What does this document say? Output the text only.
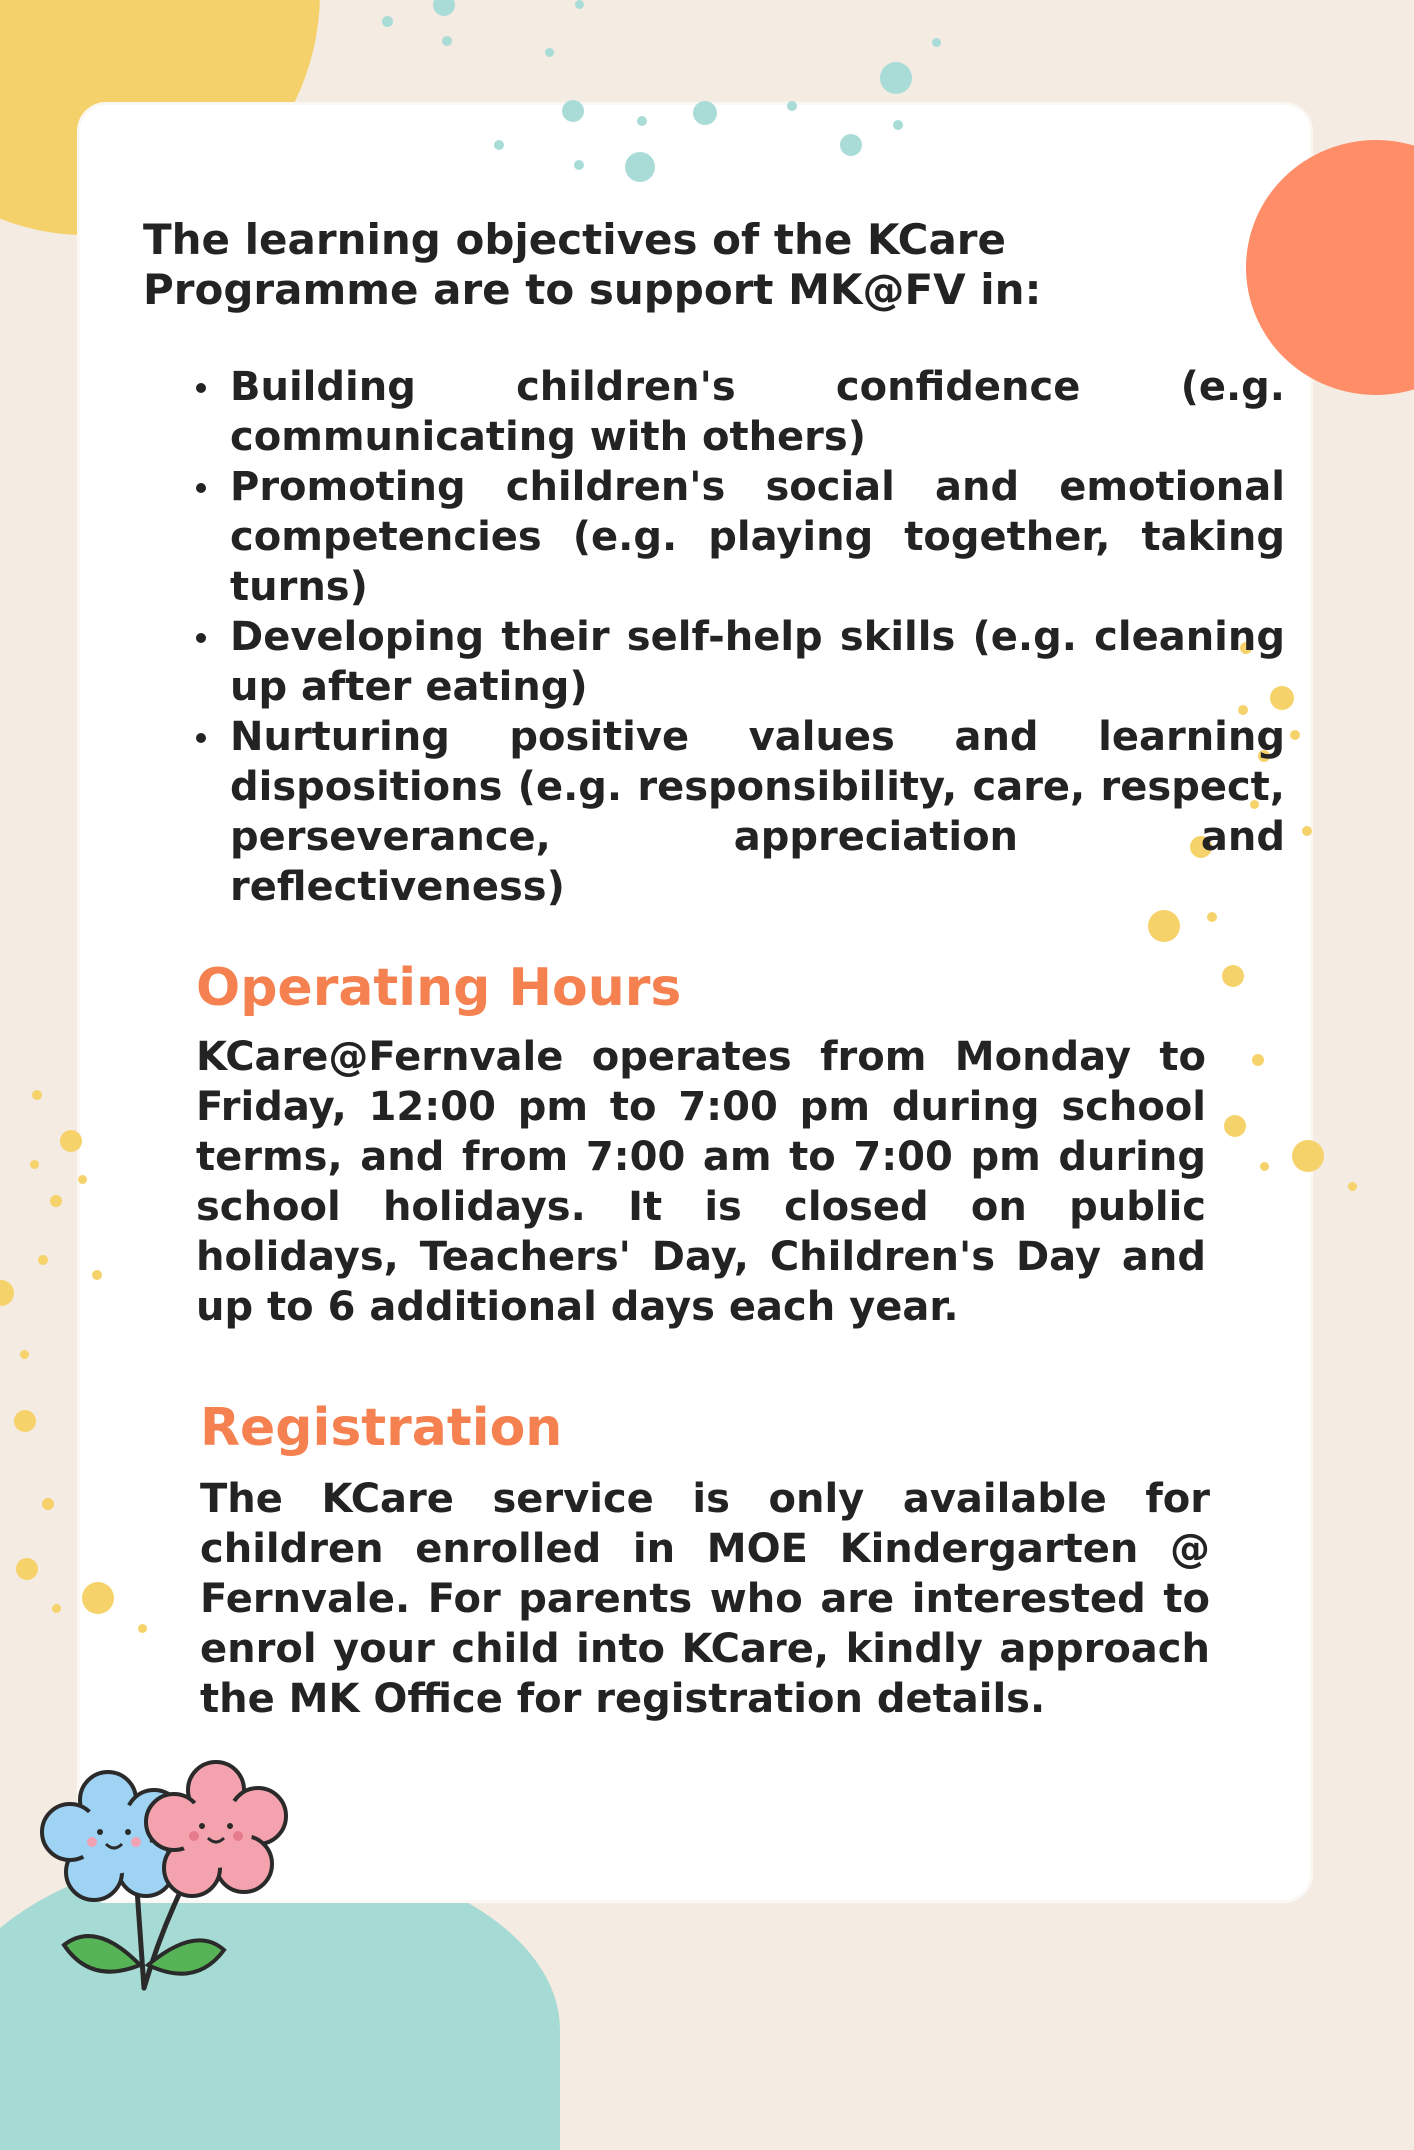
The learning objectives of the KCare Programme are to support MK@FV in:

Building children's confidence (e.g. communicating with others)
Promoting children's social and emotional competencies (e.g. playing together, taking turns)
Developing their self-help skills (e.g. cleaning up after eating)
Nurturing positive values and learning dispositions (e.g. responsibility, care, respect, perseverance, appreciation and reflectiveness)
Operating Hours

KCare@Fernvale operates from Monday to Friday, 12:00 pm to 7:00 pm during school terms, and from 7:00 am to 7:00 pm during school holidays. It is closed on public holidays, Teachers' Day, Children's Day and up to 6 additional days each year.

Registration

The KCare service is only available for children enrolled in MOE Kindergarten @ Fernvale. For parents who are interested to enrol your child into KCare, kindly approach the MK Office for registration details.
